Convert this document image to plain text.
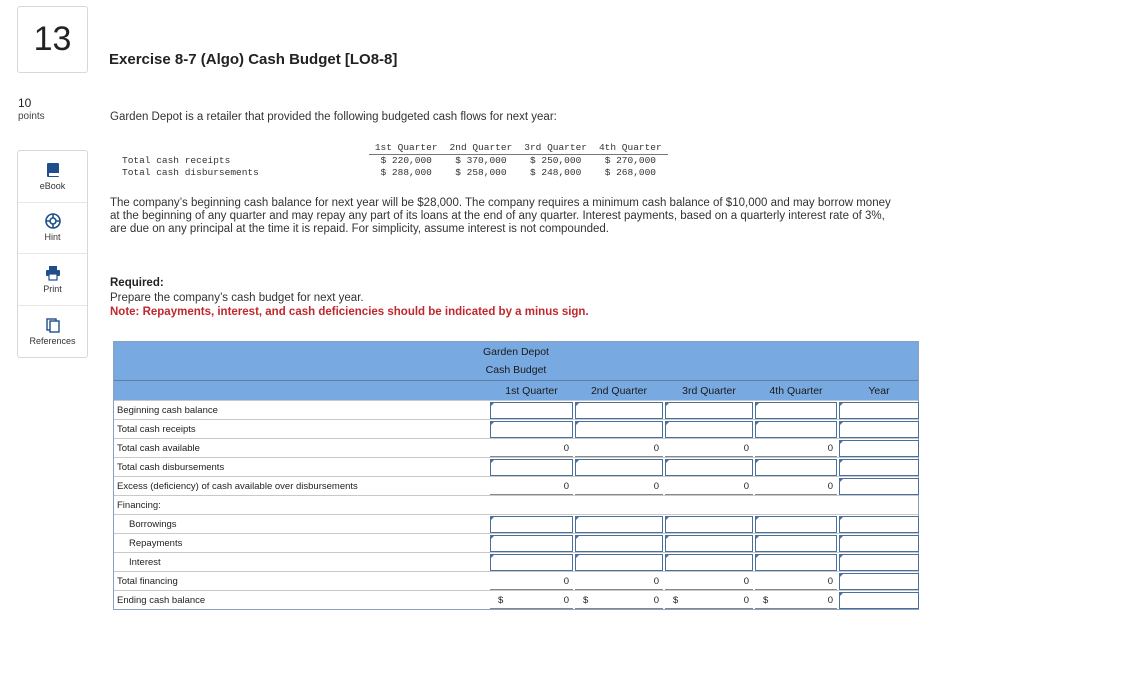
13
10
points
eBook
Hint
Print
References
Exercise 8-7 (Algo) Cash Budget [LO8-8]
Garden Depot is a retailer that provided the following budgeted cash flows for next year:
	1st Quarter	2nd Quarter	3rd Quarter	4th Quarter
Total cash receipts	$ 220,000	$ 370,000	$ 250,000	$ 270,000
Total cash disbursements	$ 288,000	$ 258,000	$ 248,000	$ 268,000
The company’s beginning cash balance for next year will be $28,000. The company requires a minimum cash balance of $10,000 and may borrow money at the beginning of any quarter and may repay any part of its loans at the end of any quarter. Interest payments, based on a quarterly interest rate of 3%, are due on any principal at the time it is repaid. For simplicity, assume interest is not compounded.
Required:
Prepare the company’s cash budget for next year.
Note: Repayments, interest, and cash deficiencies should be indicated by a minus sign.
Garden Depot
Cash Budget
1st Quarter	2nd Quarter	3rd Quarter	4th Quarter	Year
Beginning cash balance
Total cash receipts
Total cash available	0	0	0	0
Total cash disbursements
Excess (deficiency) of cash available over disbursements	0	0	0	0
Financing:
Borrowings
Repayments
Interest
Total financing	0	0	0	0
Ending cash balance	$	0 $	0 $	0 $	0
